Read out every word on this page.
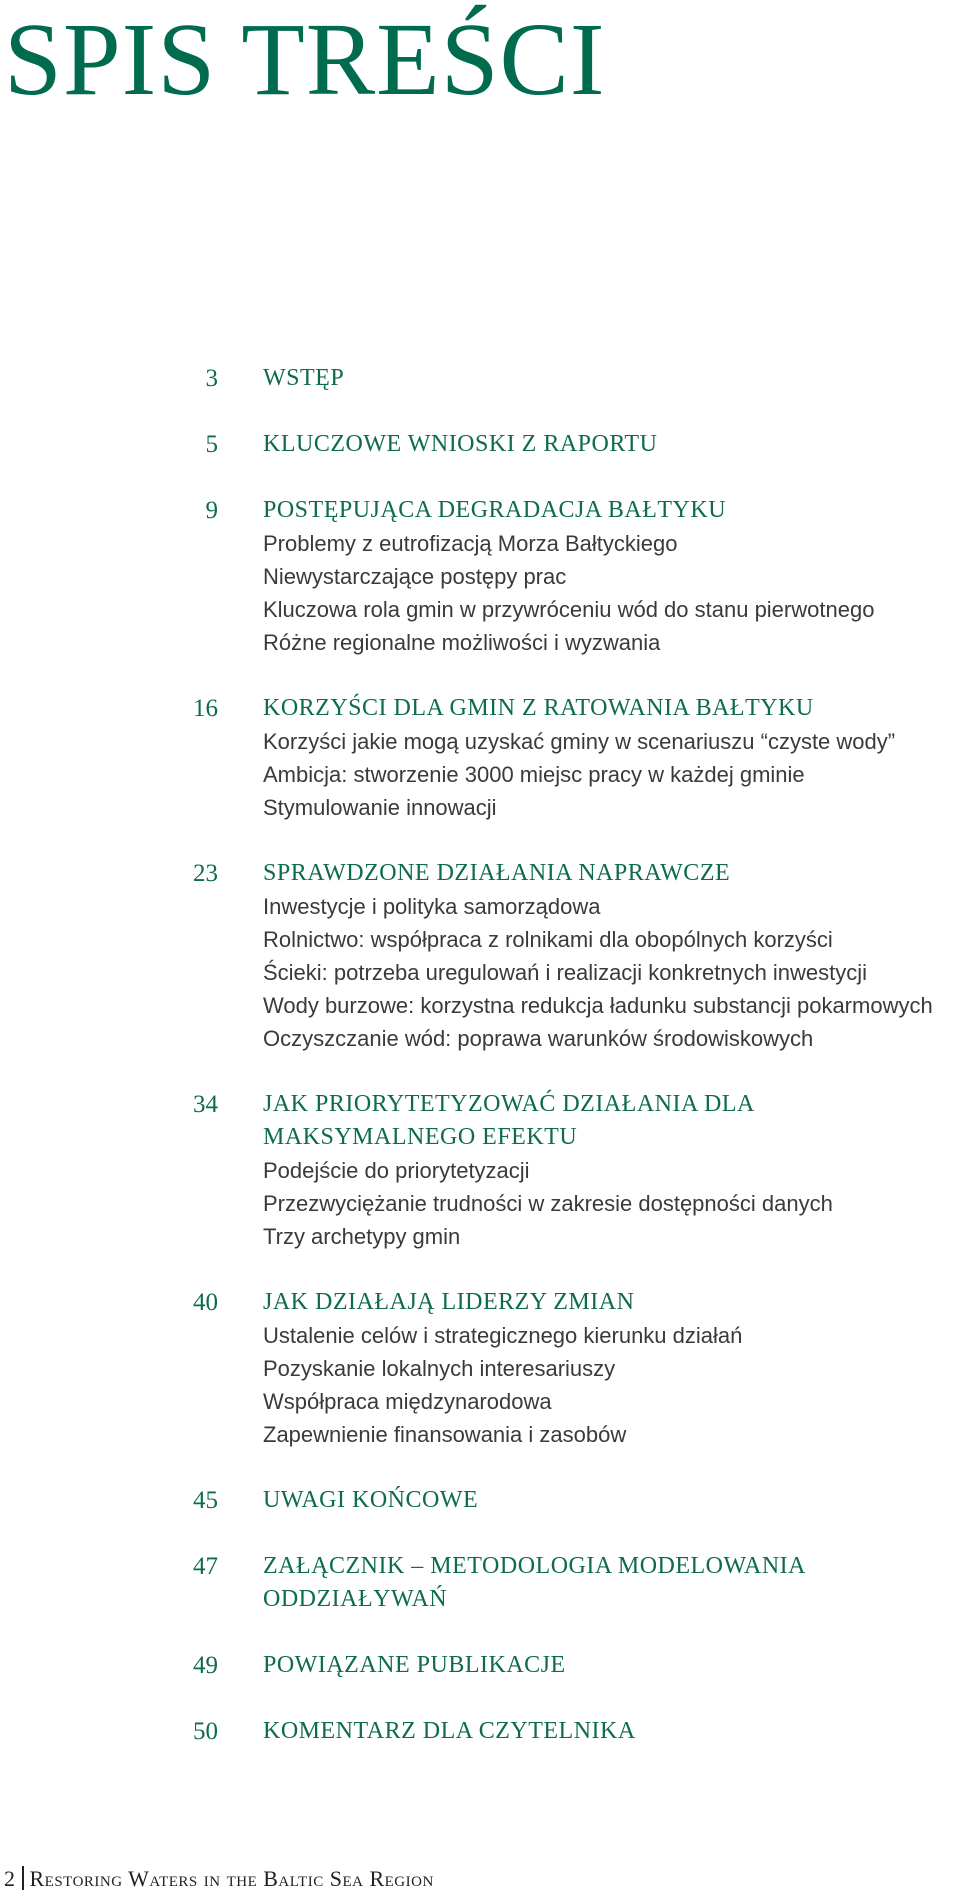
SPIS TREŚCI
3 WSTĘP
5 KLUCZOWE WNIOSKI Z RAPORTU
9 POSTĘPUJĄCA DEGRADACJA BAŁTYKU
Problemy z eutrofizacją Morza Bałtyckiego
Niewystarczające postępy prac
Kluczowa rola gmin w przywróceniu wód do stanu pierwotnego
Różne regionalne możliwości i wyzwania
16 KORZYŚCI DLA GMIN Z RATOWANIA BAŁTYKU
Korzyści jakie mogą uzyskać gminy w scenariuszu “czyste wody”
Ambicja: stworzenie 3000 miejsc pracy w każdej gminie
Stymulowanie innowacji
23 SPRAWDZONE DZIAŁANIA NAPRAWCZE
Inwestycje i polityka samorządowa
Rolnictwo: współpraca z rolnikami dla obopólnych korzyści
Ścieki: potrzeba uregulowań i realizacji konkretnych inwestycji
Wody burzowe: korzystna redukcja ładunku substancji pokarmowych
Oczyszczanie wód: poprawa warunków środowiskowych
34 JAK PRIORYTETYZOWAĆ DZIAŁANIA DLA MAKSYMALNEGO EFEKTU
Podejście do priorytetyzacji
Przezwyciężanie trudności w zakresie dostępności danych
Trzy archetypy gmin
40 JAK DZIAŁAJĄ LIDERZY ZMIAN
Ustalenie celów i strategicznego kierunku działań
Pozyskanie lokalnych interesariuszy
Współpraca międzynarodowa
Zapewnienie finansowania i zasobów
45 UWAGI KOŃCOWE
47 ZAŁĄCZNIK – METODOLOGIA MODELOWANIA ODDZIAŁYWAŃ
49 POWIĄZANE PUBLIKACJE
50 KOMENTARZ DLA CZYTELNIKA
2 Restoring Waters in the Baltic Sea Region
